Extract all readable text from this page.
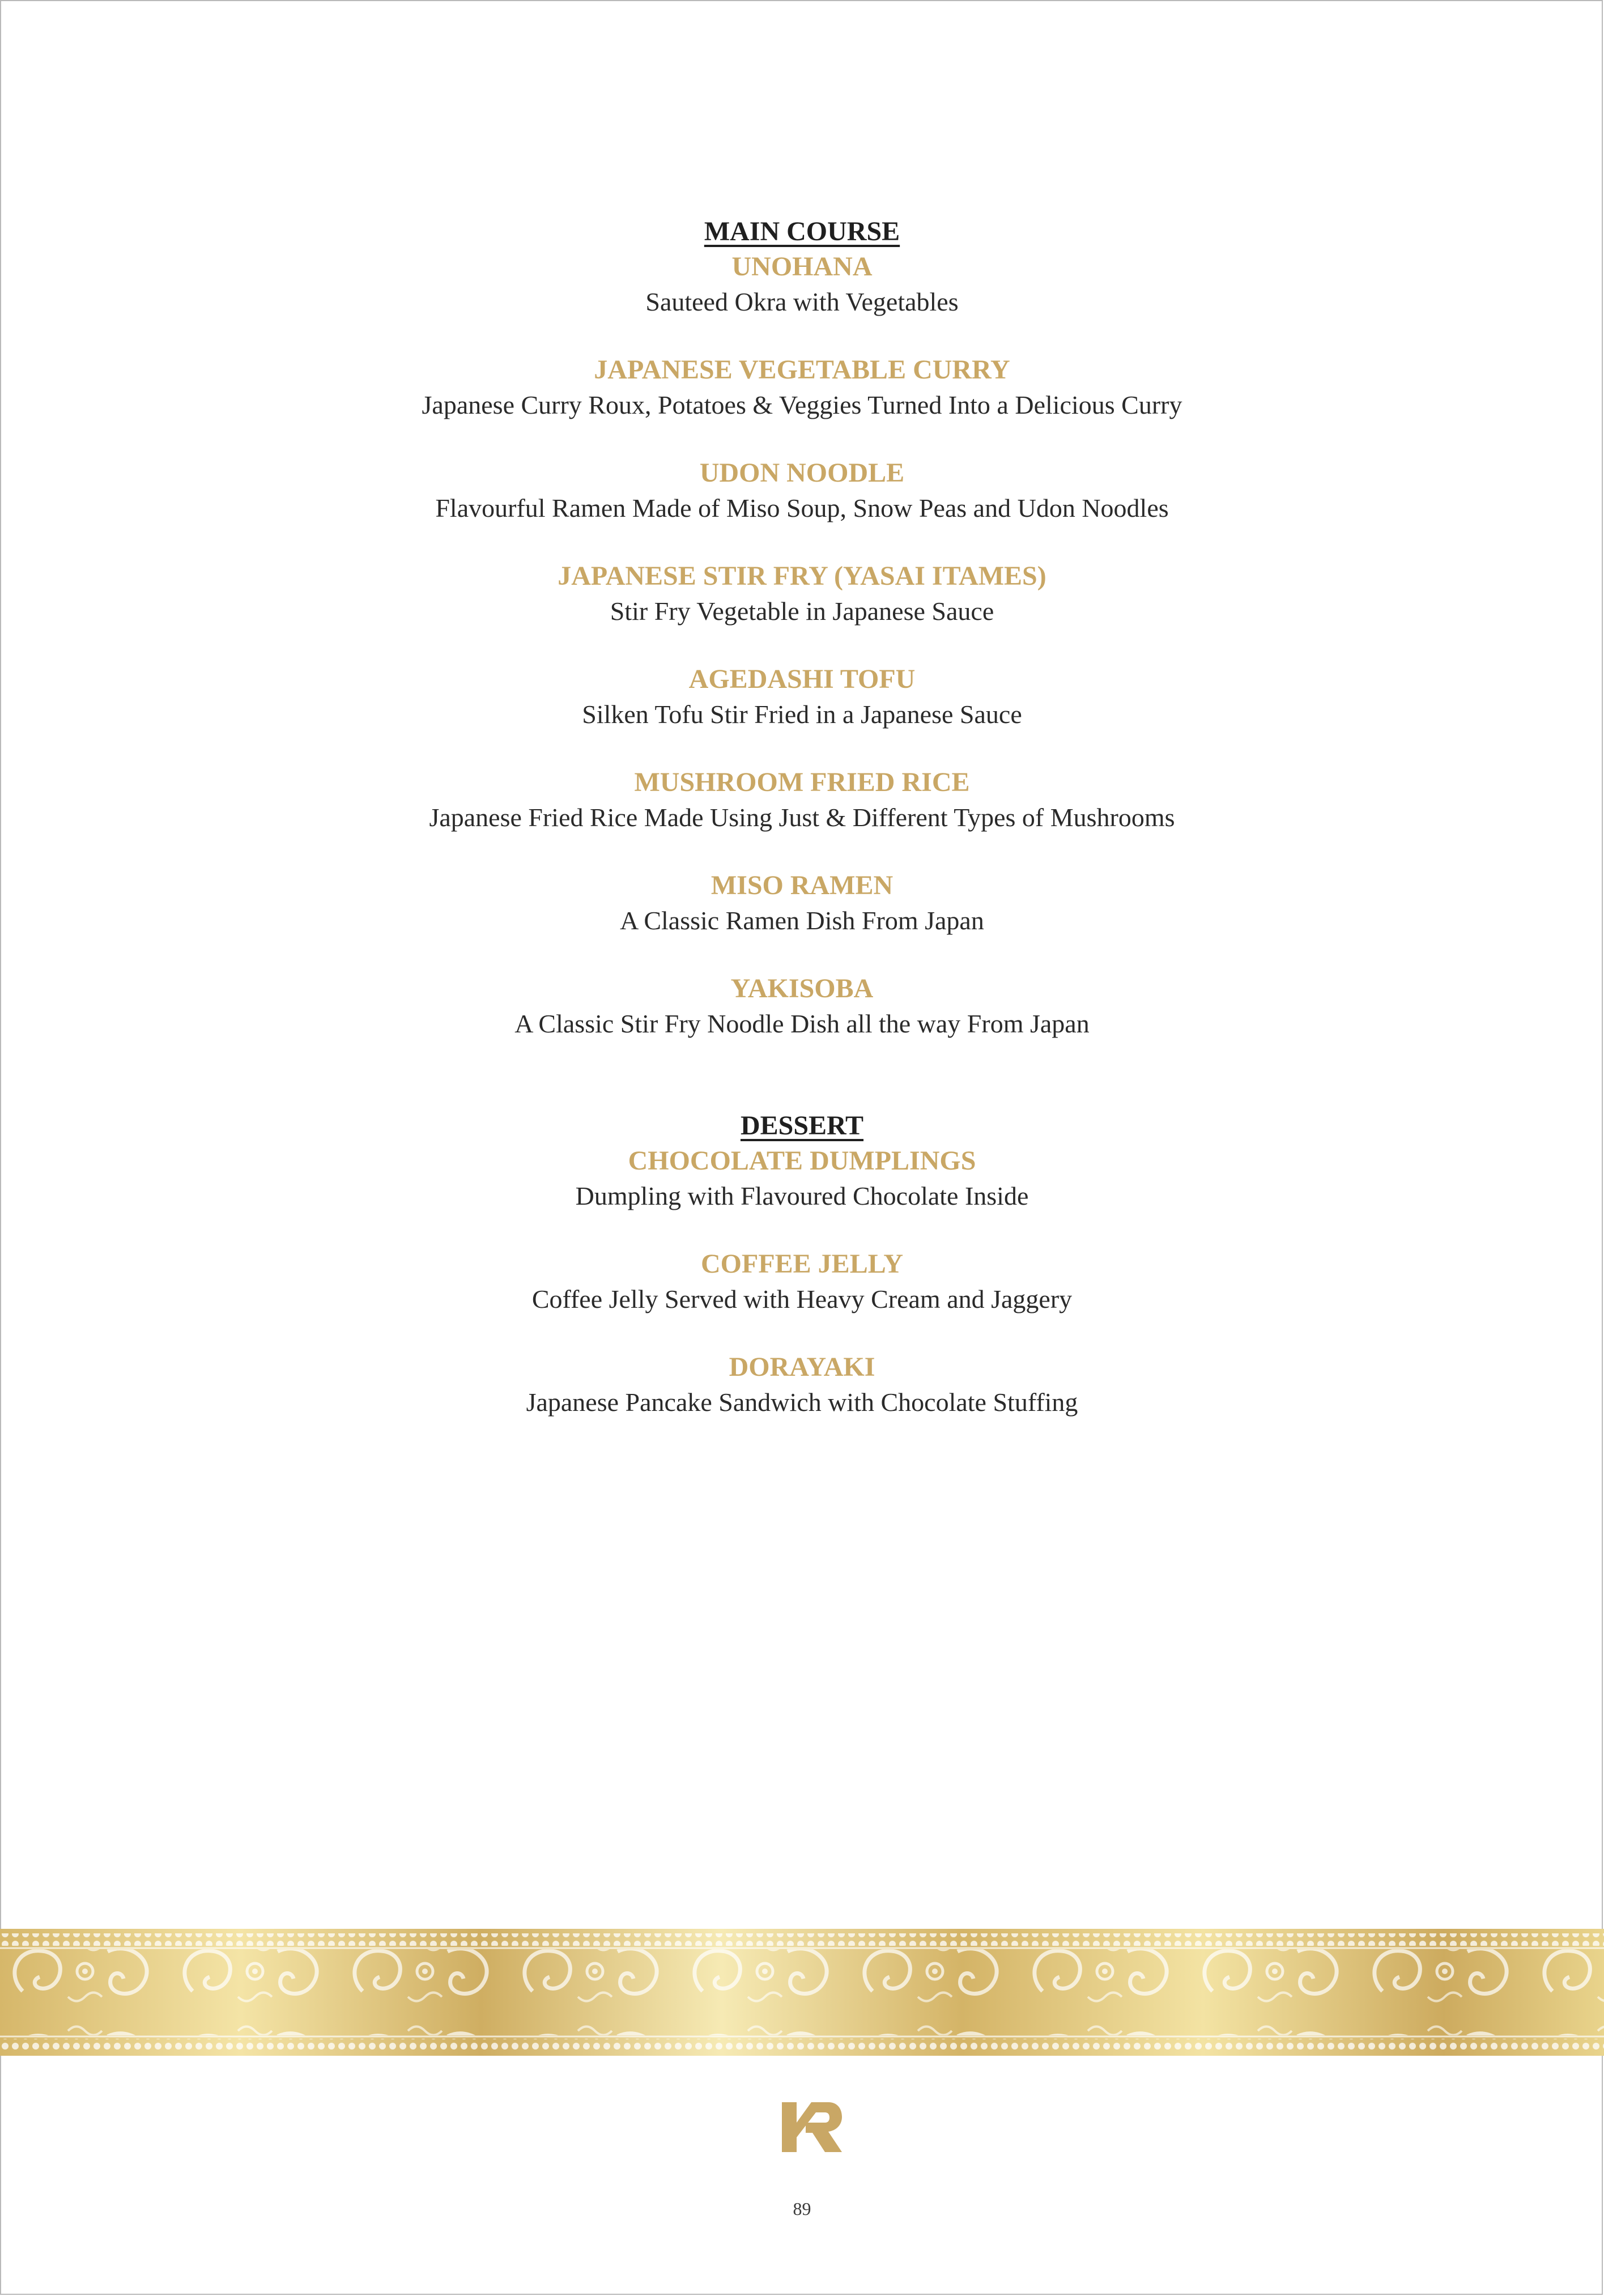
MAIN COURSE
UNOHANA
Sauteed Okra with Vegetables
JAPANESE VEGETABLE CURRY
Japanese Curry Roux, Potatoes & Veggies Turned Into a Delicious Curry
UDON NOODLE
Flavourful Ramen Made of Miso Soup, Snow Peas and Udon Noodles
JAPANESE STIR FRY (YASAI ITAMES)
Stir Fry Vegetable in Japanese Sauce
AGEDASHI TOFU
Silken Tofu Stir Fried in a Japanese Sauce
MUSHROOM FRIED RICE
Japanese Fried Rice Made Using Just & Different Types of Mushrooms
MISO RAMEN
A Classic Ramen Dish From Japan
YAKISOBA
A Classic Stir Fry Noodle Dish all the way From Japan
DESSERT
CHOCOLATE DUMPLINGS
Dumpling with Flavoured Chocolate Inside
COFFEE JELLY
Coffee Jelly Served with Heavy Cream and Jaggery
DORAYAKI
Japanese Pancake Sandwich with Chocolate Stuffing
89
